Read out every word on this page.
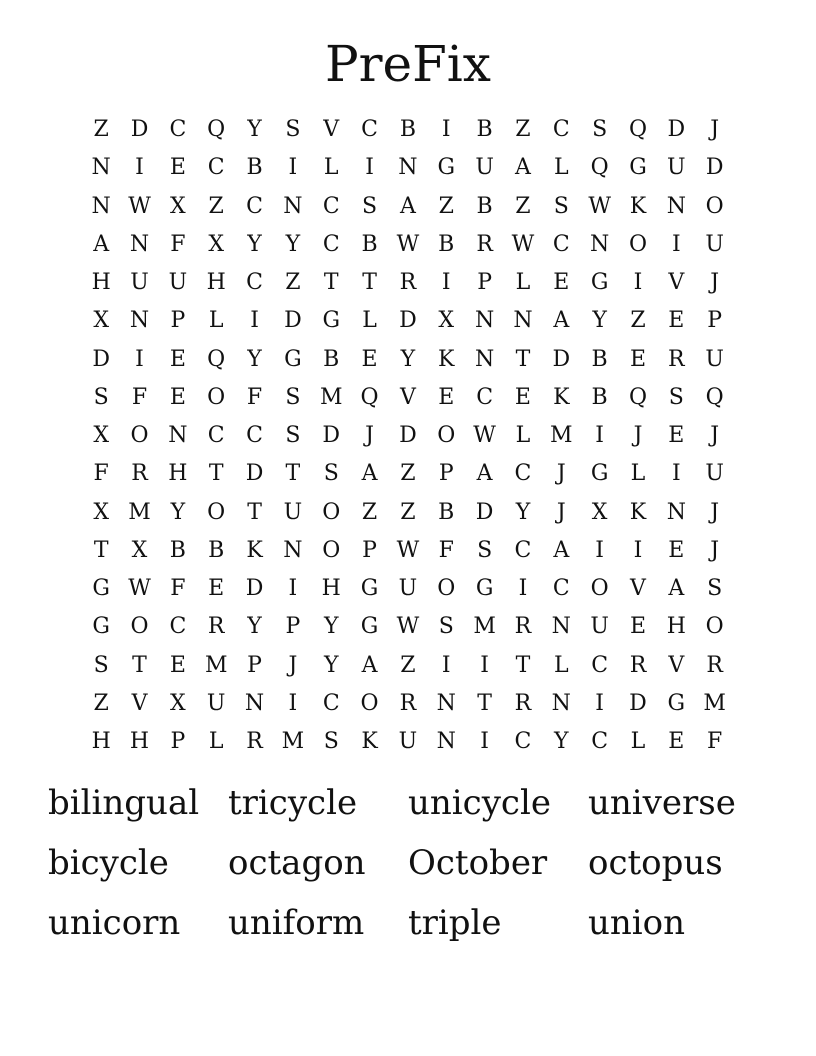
PreFix
Z D C Q	Y	S	V C B	I	B	Z	C	S Q D	J
N	I	E C B	I	L	I	N G U A	L	Q G U D
N W X	Z	C N C	S	A	Z	B	Z	S W K N O
A N F	X	Y	Y	C B W B R W C N O	I	U
H U U H C	Z	T	T	R	I	P	L	E G	I	V	J
X N P	L	I	D G	L	D X N N A	Y	Z	E	P
D	I	E Q	Y	G B	E	Y	K N T	D B	E	R U
S	F	E O F	S M Q V	E C E	K	B Q S Q
X O N C C	S D	J	D O W L M	I	J	E	J
F	R H T	D	T	S	A	Z	P	A C	J	G	L	I	U
X M Y	O T U O Z	Z	B D	Y	J	X	K N	J
T	X	B	B	K N O P W F	S	C A	I	I	E	J
G W F	E D	I	H G U O G	I	C O V	A	S
G O C R	Y	P	Y	G W S M R N U E H O
S	T	E M P	J	Y	A	Z	I	I	T	L	C R	V	R
Z	V	X U N	I	C O R N T	R N	I	D G M
H H P	L	R M S	K U N	I	C	Y	C	L	E	F
bilingual tricycle	unicycle	universe
bicycle	octagon	October	octopus
unicorn	uniform	triple	union
